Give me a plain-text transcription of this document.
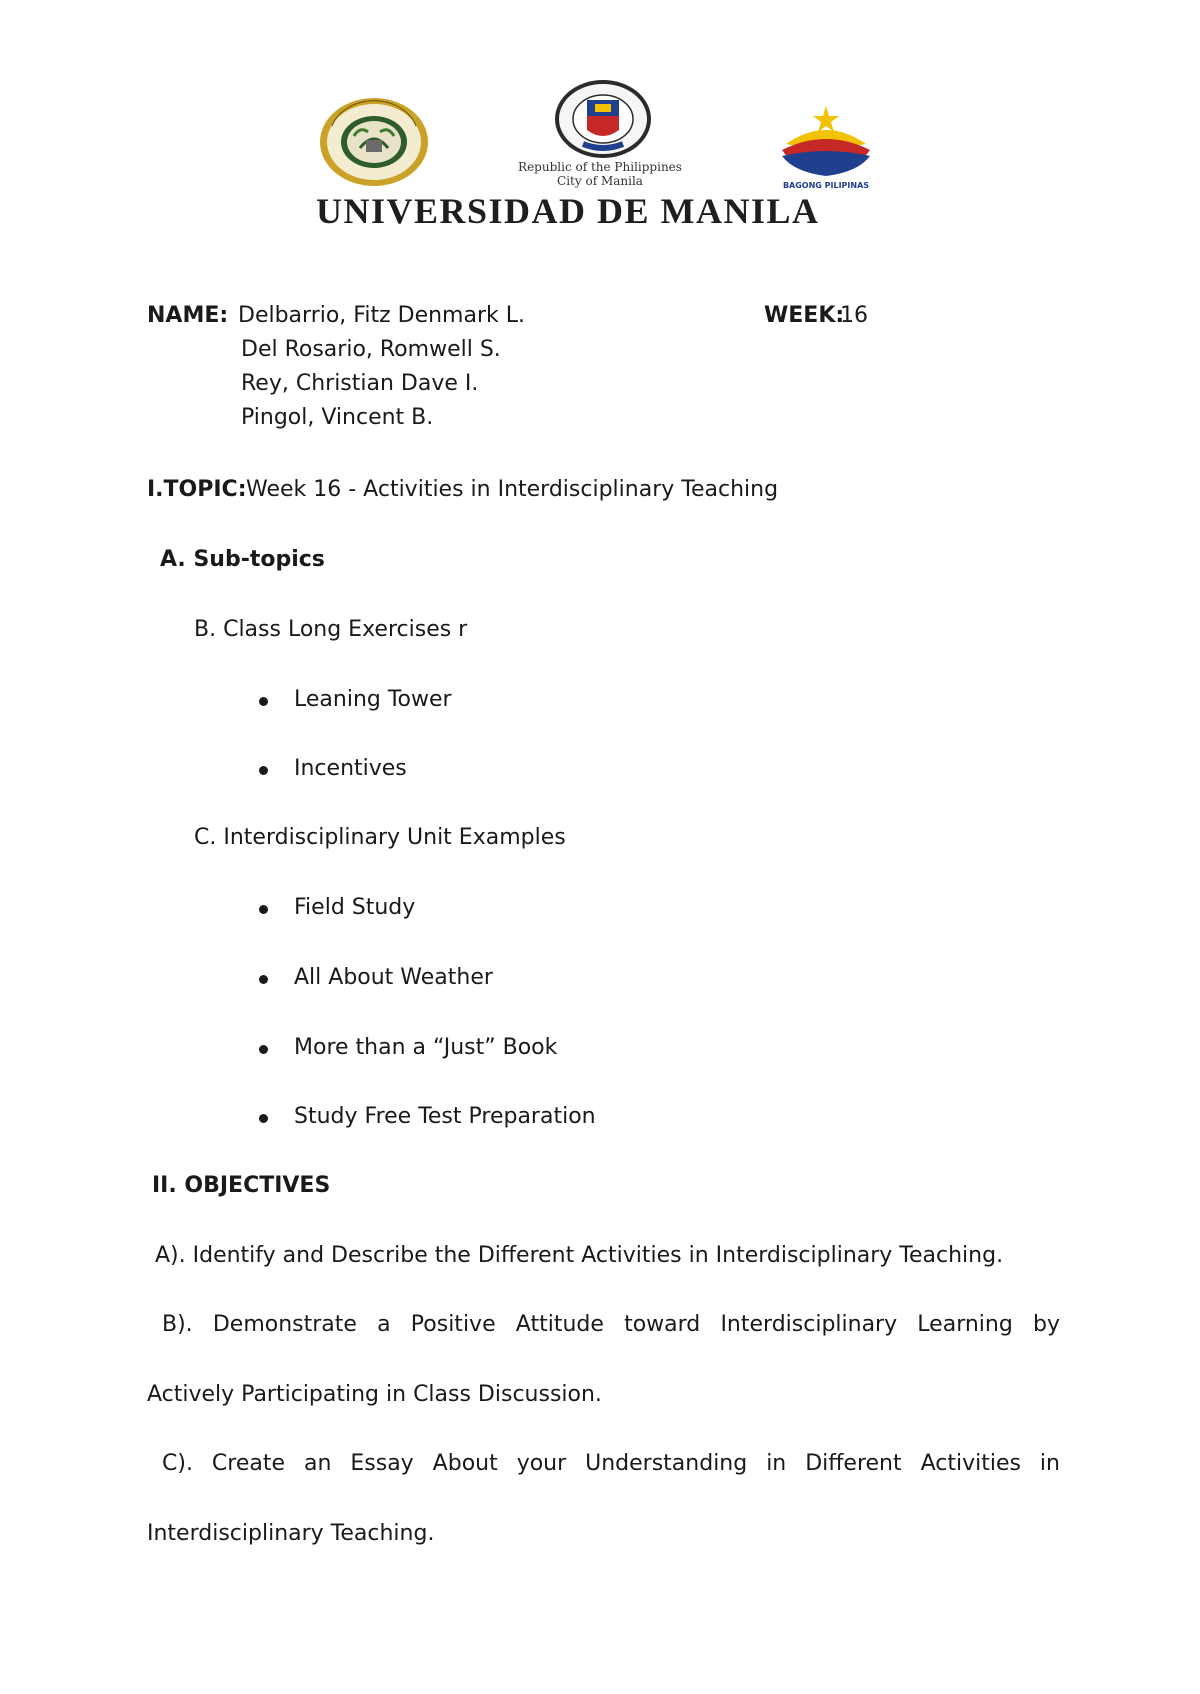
Republic of the Philippines
City of Manila	BAGONG PILIPINAS
UNIVERSIDAD DE MANILA
NAME: Delbarrio, Fitz Denmark L.
Del Rosario, Romwell S.
Rey, Christian Dave I.
Pingol, Vincent B.
WEEK:
16
I.TOPIC: Week 16 - Activities in Interdisciplinary Teaching
A. Sub-topics
B. Class Long Exercises r
Leaning Tower
Incentives
C. Interdisciplinary Unit Examples
Field Study
All About Weather
More than a “Just” Book
Study Free Test Preparation
II. OBJECTIVES
A). Identify and Describe the Different Activities in Interdisciplinary Teaching.
B). Demonstrate a Positive Attitude toward Interdisciplinary Learning by
Actively Participating in Class Discussion.
C). Create an Essay About your Understanding in Different Activities in
Interdisciplinary Teaching.
